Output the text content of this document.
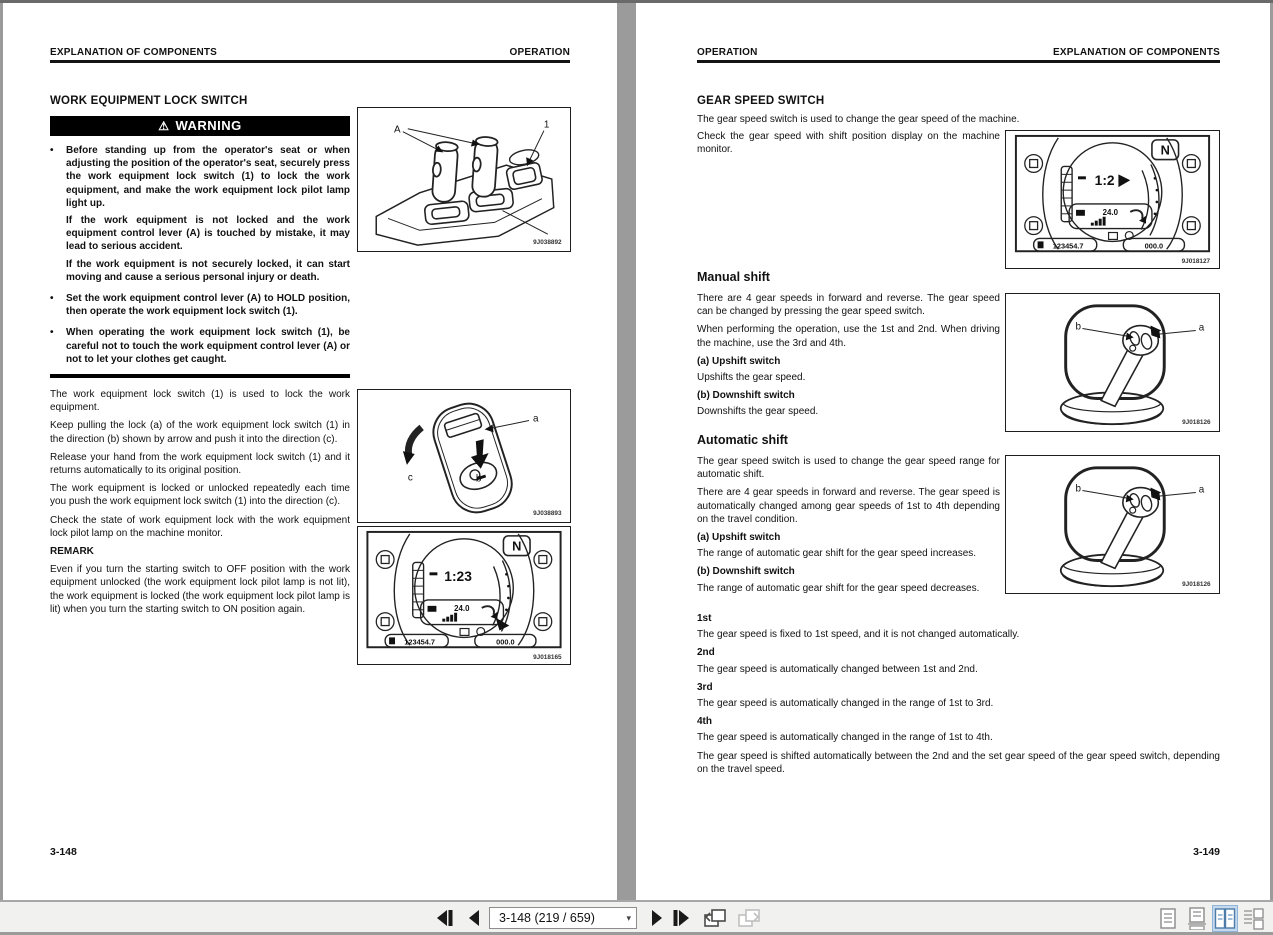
EXPLANATION OF COMPONENTS	OPERATION
WORK EQUIPMENT LOCK SWITCH
⚠ WARNING
•	Before standing up from the operator's seat or when adjusting the position of the operator's seat, securely press the work equipment lock switch (1) to lock the work equipment, and make the work equipment lock pilot lamp light up.

If the work equipment is not locked and the work equipment control lever (A) is touched by mistake, it may lead to serious accident.

If the work equipment is not securely locked, it can start moving and cause a serious personal injury or death.

•	Set the work equipment control lever (A) to HOLD position, then operate the work equipment lock switch (1).

•	When operating the work equipment lock switch (1), be careful not to touch the work equipment control lever (A) or not to let your clothes get caught.

The work equipment lock switch (1) is used to lock the work equipment.

Keep pulling the lock (a) of the work equipment lock switch (1) in the direction (b) shown by arrow and push it into the direction (c).

Release your hand from the work equipment lock switch (1) and it returns automatically to its original position.

The work equipment is locked or unlocked repeatedly each time you push the work equipment lock switch (1) into the direction (c).

Check the state of work equipment lock with the work equipment lock pilot lamp on the machine monitor.

REMARK

Even if you turn the starting switch to OFF position with the work equipment unlocked (the work equipment lock pilot lamp is not lit), the work equipment is locked (the work equipment lock pilot lamp is lit) when you turn the starting switch to ON position again.

A	1
9J038892
a
b
c
9J038893
N
1:23
24.0
123454.7	000.0
9J018165
3-148
OPERATION	EXPLANATION OF COMPONENTS
GEAR SPEED SWITCH

The gear speed switch is used to change the gear speed of the machine.

Check the gear speed with shift position display on the machine monitor.	N
1:2
24.0
123454.7	000.0
9J018127
Manual shift

There are 4 gear speeds in forward and reverse. The gear speed can be changed by pressing the gear speed switch.

When performing the operation, use the 1st and 2nd. When driving the machine, use the 3rd and 4th.

(a) Upshift switch

Upshifts the gear speed.

(b) Downshift switch

Downshifts the gear speed.

b	a
9J018126
Automatic shift

The gear speed switch is used to change the gear speed range for automatic shift.

There are 4 gear speeds in forward and reverse. The gear speed is automatically changed among gear speeds of 1st to 4th depending on the travel condition.

(a) Upshift switch

The range of automatic gear shift for the gear speed increases.

(b) Downshift switch

The range of automatic gear shift for the gear speed decreases.

b	a
9J018126

1st

The gear speed is fixed to 1st speed, and it is not changed automatically.

2nd

The gear speed is automatically changed between 1st and 2nd.

3rd

The gear speed is automatically changed in the range of 1st to 3rd.

4th

The gear speed is automatically changed in the range of 1st to 4th.

The gear speed is shifted automatically between the 2nd and the set gear speed of the gear speed switch, depending on the travel speed.

3-149
3-148 (219 / 659)	▾
